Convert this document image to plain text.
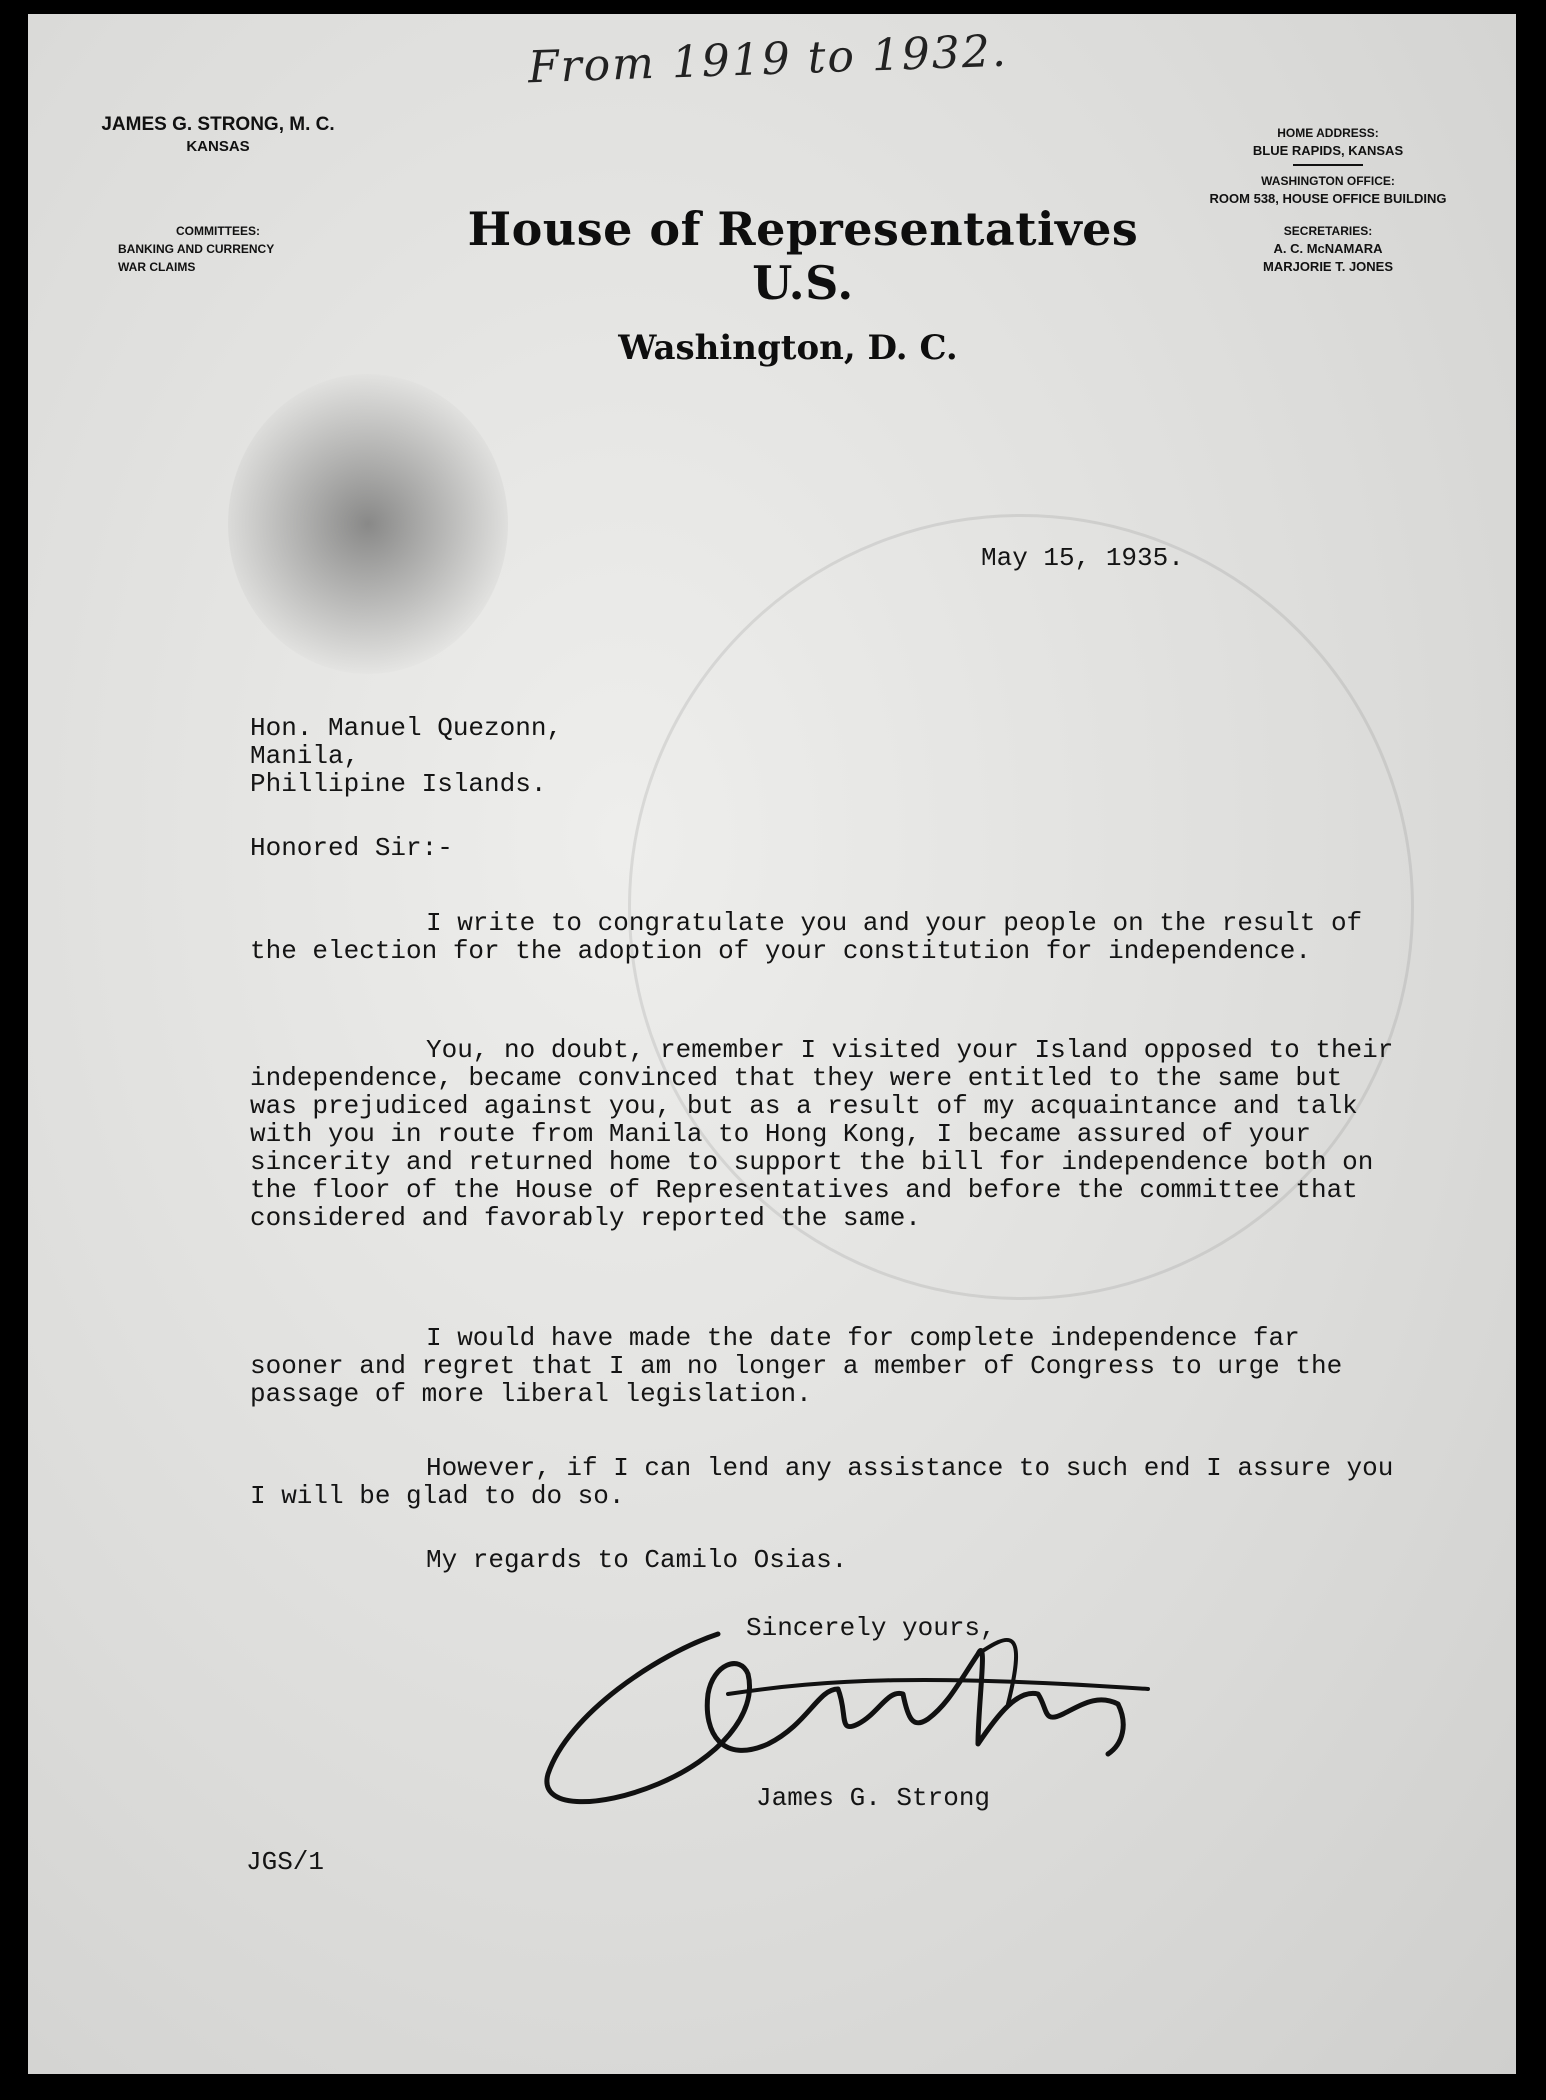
From 1919 to 1932.
JAMES G. STRONG, M. C.
KANSAS
COMMITTEES:
BANKING AND CURRENCY
WAR CLAIMS
House of Representatives U.S.
Washington, D. C.
HOME ADDRESS:
BLUE RAPIDS, KANSAS
WASHINGTON OFFICE:
ROOM 538, HOUSE OFFICE BUILDING
SECRETARIES:
A. C. McNAMARA
MARJORIE T. JONES
May 15, 1935.
Hon. Manuel Quezonn,
Manila,
Phillipine Islands.
Honored Sir:-
I write to congratulate you and your people on the result of the election for the adoption of your constitution for independence.
You, no doubt, remember I visited your Island opposed to their independence, became convinced that they were entitled to the same but was prejudiced against you, but as a result of my acquaintance and talk with you in route from Manila to Hong Kong, I became assured of your sincerity and returned home to support the bill for independence both on the floor of the House of Representatives and before the committee that considered and favorably reported the same.
I would have made the date for complete independence far sooner and regret that I am no longer a member of Congress to urge the passage of more liberal legislation.
However, if I can lend any assistance to such end I assure you I will be glad to do so.
My regards to Camilo Osias.
Sincerely yours,
James G. Strong
JGS/1
